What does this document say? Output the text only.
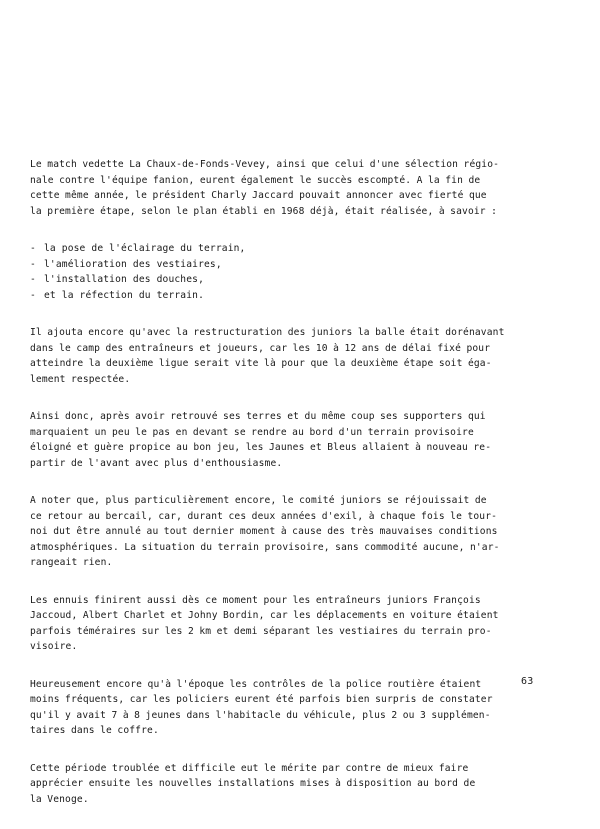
Le match vedette La Chaux-de-Fonds-Vevey, ainsi que celui d'une sélection régio-
nale contre l'équipe fanion, eurent également le succès escompté. A la fin de
cette même année, le président Charly Jaccard pouvait annoncer avec fierté que
la première étape, selon le plan établi en 1968 déjà, était réalisée, à savoir :

- la pose de l'éclairage du terrain,
- l'amélioration des vestiaires,
- l'installation des douches,
- et la réfection du terrain.

Il ajouta encore qu'avec la restructuration des juniors la balle était dorénavant
dans le camp des entraîneurs et joueurs, car les 10 à 12 ans de délai fixé pour
atteindre la deuxième ligue serait vite là pour que la deuxième étape soit éga-
lement respectée.

Ainsi donc, après avoir retrouvé ses terres et du même coup ses supporters qui
marquaient un peu le pas en devant se rendre au bord d'un terrain provisoire
éloigné et guère propice au bon jeu, les Jaunes et Bleus allaient à nouveau re-
partir de l'avant avec plus d'enthousiasme.

A noter que, plus particulièrement encore, le comité juniors se réjouissait de
ce retour au bercail, car, durant ces deux années d'exil, à chaque fois le tour-
noi dut être annulé au tout dernier moment à cause des très mauvaises conditions
atmosphériques. La situation du terrain provisoire, sans commodité aucune, n'ar-
rangeait rien.

Les ennuis finirent aussi dès ce moment pour les entraîneurs juniors François
Jaccoud, Albert Charlet et Johny Bordin, car les déplacements en voiture étaient
parfois téméraires sur les 2 km et demi séparant les vestiaires du terrain pro-
visoire.

Heureusement encore qu'à l'époque les contrôles de la police routière étaient
moins fréquents, car les policiers eurent été parfois bien surpris de constater
qu'il y avait 7 à 8 jeunes dans l'habitacle du véhicule, plus 2 ou 3 supplémen-
taires dans le coffre.

Cette période troublée et difficile eut le mérite par contre de mieux faire
apprécier ensuite les nouvelles installations mises à disposition au bord de
la Venoge.

63
